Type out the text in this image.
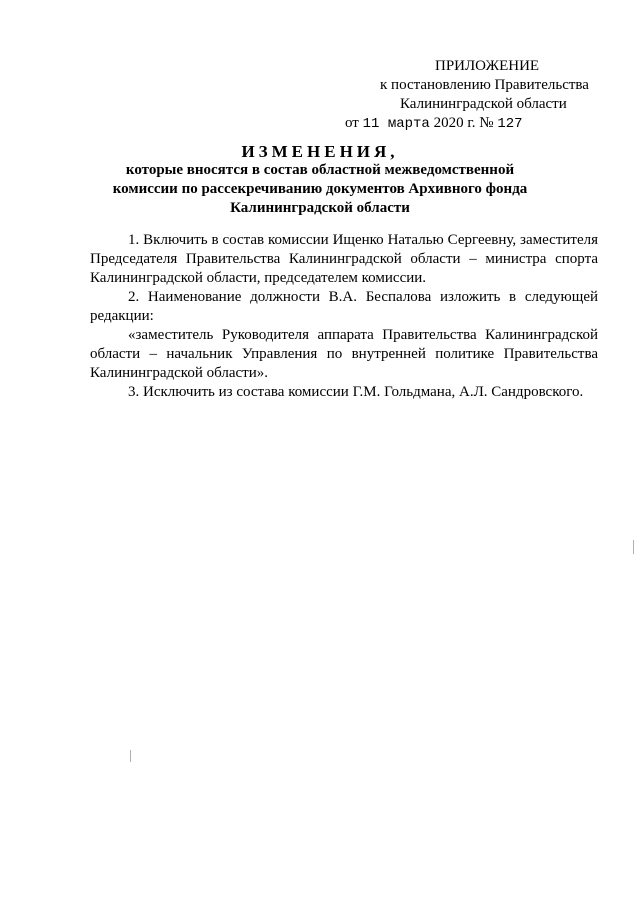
ПРИЛОЖЕНИЕ
к постановлению Правительства
Калининградской области
от 11 марта 2020 г. № 127
ИЗМЕНЕНИЯ,
которые вносятся в состав областной межведомственной
комиссии по рассекречиванию документов Архивного фонда
Калининградской области

1. Включить в состав комиссии Ищенко Наталью Сергеевну, заместителя Председателя Правительства Калининградской области – министра спорта Калининградской области, председателем комиссии.

2. Наименование должности В.А. Беспалова изложить в следующей редакции:

«заместитель Руководителя аппарата Правительства Калининградской области – начальник Управления по внутренней политике Правительства Калининградской области».

3. Исключить из состава комиссии Г.М. Гольдмана, А.Л. Сандровского.
